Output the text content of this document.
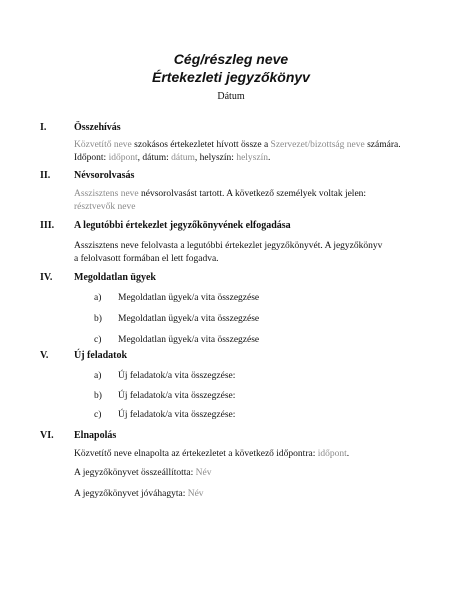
Cég/részleg neve
Értekezleti jegyzőkönyv
Dátum
I.	Összehívás
Közvetítő neve szokásos értekezletet hívott össze a Szervezet/bizottság neve számára.
Időpont: időpont, dátum: dátum, helyszín: helyszín.
II.	Névsorolvasás
Asszisztens neve névsorolvasást tartott. A következő személyek voltak jelen:
résztvevők neve
III.	A legutóbbi értekezlet jegyzőkönyvének elfogadása
Asszisztens neve felolvasta a legutóbbi értekezlet jegyzőkönyvét. A jegyzőkönyv
a felolvasott formában el lett fogadva.
IV.	Megoldatlan ügyek
a) Megoldatlan ügyek/a vita összegzése
b) Megoldatlan ügyek/a vita összegzése
c) Megoldatlan ügyek/a vita összegzése
V.	Új feladatok
a) Új feladatok/a vita összegzése:
b) Új feladatok/a vita összegzése:
c) Új feladatok/a vita összegzése:
VI.	Elnapolás
Közvetítő neve elnapolta az értekezletet a következő időpontra: időpont.
A jegyzőkönyvet összeállította: Név
A jegyzőkönyvet jóváhagyta: Név
